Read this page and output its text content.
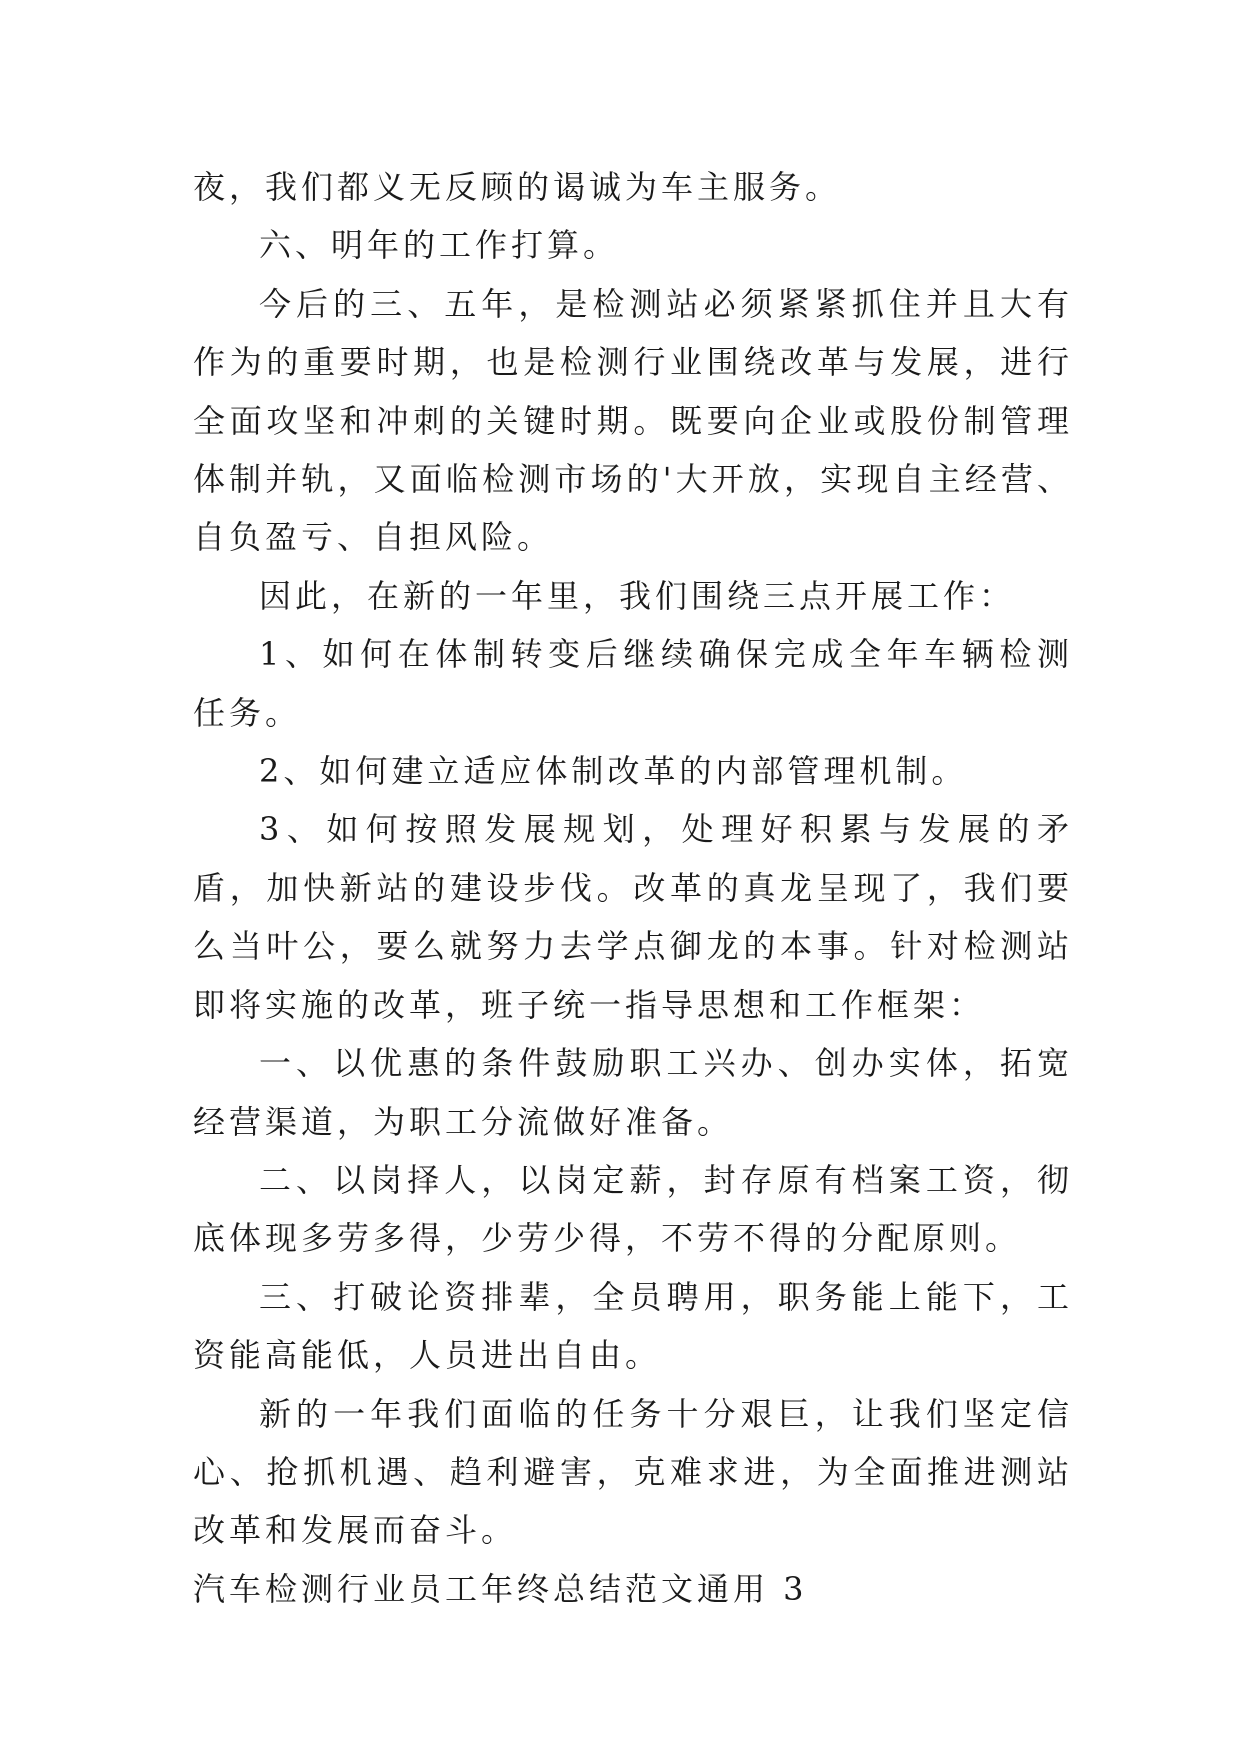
夜，我们都义无反顾的谒诚为车主服务。

六、明年的工作打算。

今后的三、五年，是检测站必须紧紧抓住并且大有作为的重要时期，也是检测行业围绕改革与发展，进行全面攻坚和冲刺的关键时期。既要向企业或股份制管理体制并轨，又面临检测市场的'大开放，实现自主经营、自负盈亏、自担风险。

因此，在新的一年里，我们围绕三点开展工作：

1、如何在体制转变后继续确保完成全年车辆检测任务。

2、如何建立适应体制改革的内部管理机制。

3、如何按照发展规划，处理好积累与发展的矛盾，加快新站的建设步伐。改革的真龙呈现了，我们要么当叶公，要么就努力去学点御龙的本事。针对检测站即将实施的改革，班子统一指导思想和工作框架：

一、以优惠的条件鼓励职工兴办、创办实体，拓宽经营渠道，为职工分流做好准备。

二、以岗择人，以岗定薪，封存原有档案工资，彻底体现多劳多得，少劳少得，不劳不得的分配原则。

三、打破论资排辈，全员聘用，职务能上能下，工资能高能低，人员进出自由。

新的一年我们面临的任务十分艰巨，让我们坚定信心、抢抓机遇、趋利避害，克难求进，为全面推进测站改革和发展而奋斗。

汽车检测行业员工年终总结范文通用 3
